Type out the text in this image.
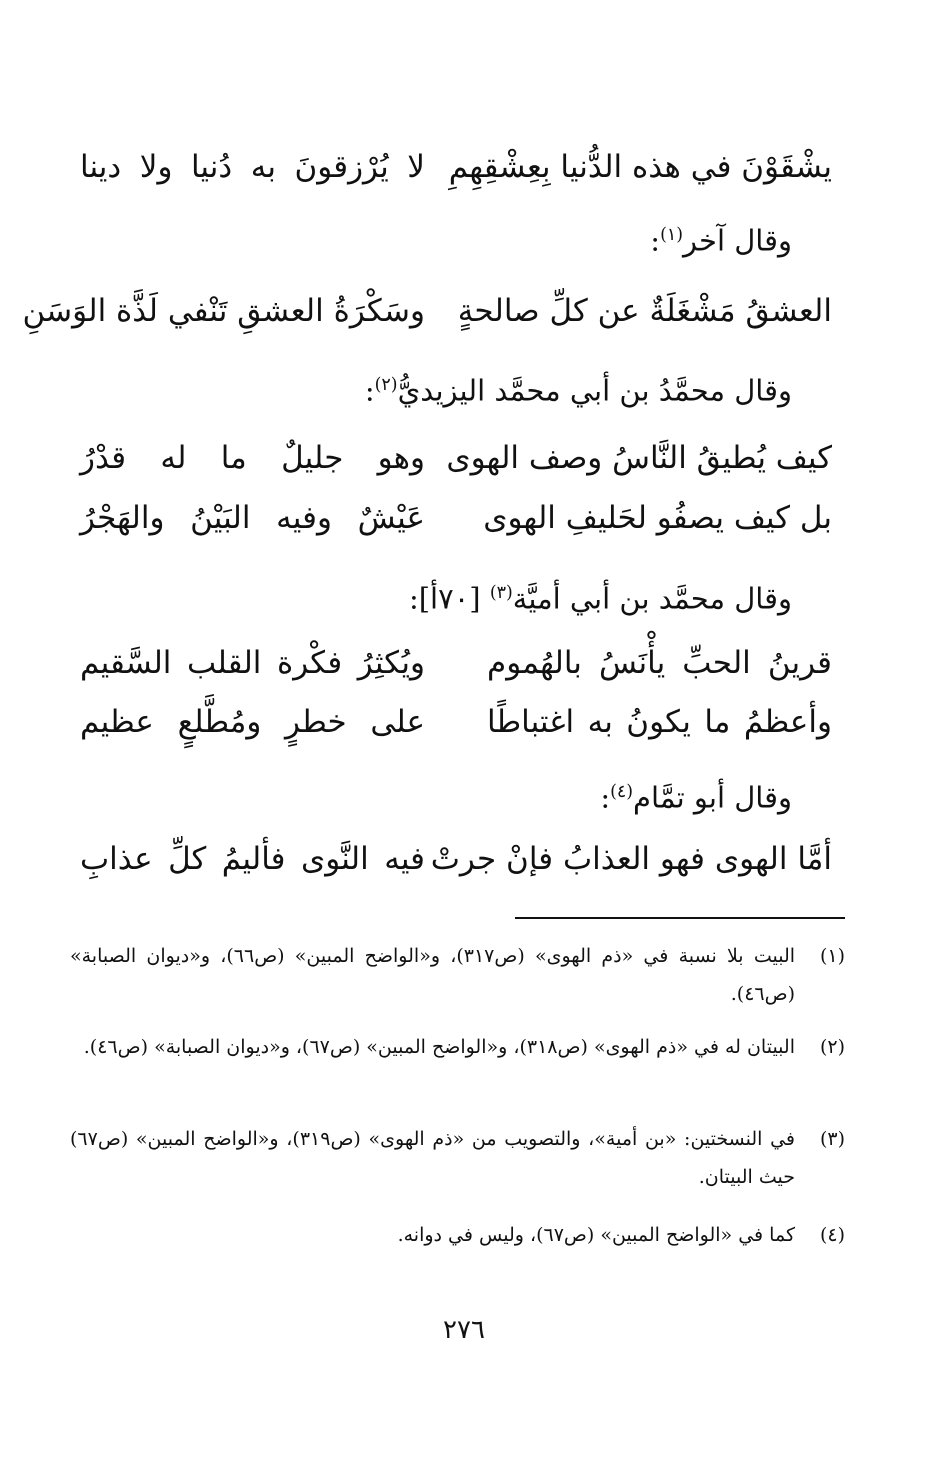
يشْقَوْنَ في هذه الدُّنيا بِعِشْقِهِمِ
لا يُرْزقونَ به دُنيا ولا دينا
وقال آخر$^{(١)}$:
العشقُ مَشْغَلَةٌ عن كلِّ صالحةٍ
وسَكْرَةُ العشقِ تَنْفي لَذَّة الوَسَنِ
وقال محمَّدُ بن أبي محمَّد اليزيديُّ$^{(٢)}$:
كيف يُطيقُ النَّاسُ وصف الهوى
وهو جليلٌ ما له قدْرُ
بل كيف يصفُو لحَليفِ الهوى
عَيْشٌ وفيه البَيْنُ والهَجْرُ
وقال محمَّد بن أبي أميَّة$^{(٣)}$ [٧٠أ]:
قرينُ الحبِّ يأْنَسُ بالهُموم
ويُكثِرُ فكْرة القلب السَّقيم
وأعظمُ ما يكونُ به اغتباطًا
على خطرٍ ومُطَّلعٍ عظيم
وقال أبو تمَّام$^{(٤)}$:
أمَّا الهوى فهو العذابُ فإنْ جرتْ
فيه النَّوى فأليمُ كلِّ عذابِ
(١)
البيت بلا نسبة في «ذم الهوى» (ص٣١٧)، و«الواضح المبين» (ص٦٦)، و«ديوان الصبابة» (ص٤٦).
(٢)
البيتان له في «ذم الهوى» (ص٣١٨)، و«الواضح المبين» (ص٦٧)، و«ديوان الصبابة» (ص٤٦).
(٣)
في النسختين: «بن أمية»، والتصويب من «ذم الهوى» (ص٣١٩)، و«الواضح المبين» (ص٦٧) حيث البيتان.
(٤)
كما في «الواضح المبين» (ص٦٧)، وليس في دوانه.
٢٧٦
